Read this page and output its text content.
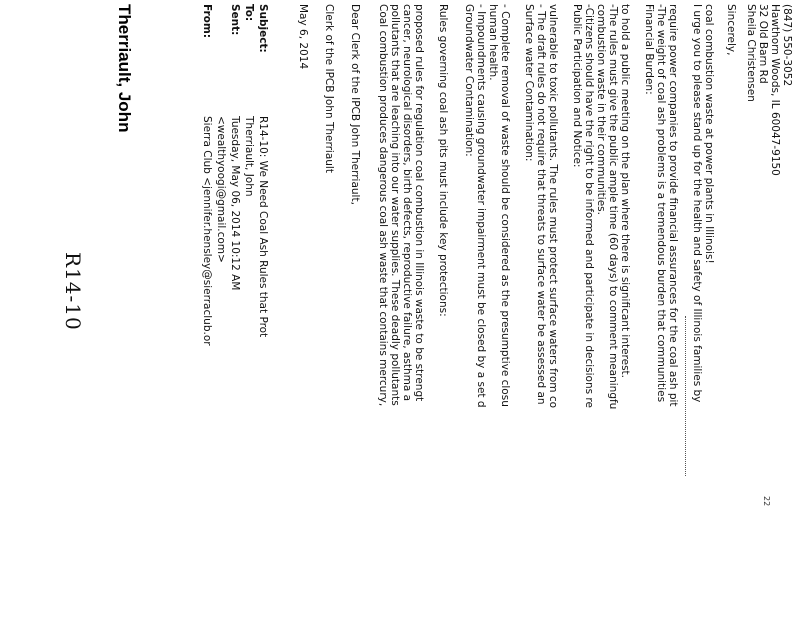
R14-10
Therriault, John	From:
Sierra Club <jennifer.hensley@sierraclub.or <wealthyoogi@gmail.com>
Sent:
Tuesday, May 06, 2014 10:12 AM
To:
Therriault, John
Subject:
R14-10: We Need Coal Ash Rules that Prot
May 6, 2014 Clerk of the IPCB John Therriault Dear Clerk of the IPCB John Therriault, Coal combustion produces dangerous coal ash waste that contains mercury, pollutants that are leaching into our water supplies. These deadly pollutants cancer, neurological disorders, birth defects, reproductive failure, asthma a proposed rules for regulation coal combustion in Illinois waste to be strengt Rules governing coal ash pits must include key protections: Groundwater Contamination: - Impoundments causing groundwater impairment must be closed by a set d human health. - Complete removal of waste should be considered as the presumptive closu Surface water Contamination: - The draft rules do not require that threats to surface water be assessed an vulnerable to toxic pollutants. The rules must protect surface waters from co Public Participation and Notice: -Citizens should have the right to be informed and participate in decisions re combustion waste in their communities. -The rules must give the public ample time (60 days) to comment meaningfu to hold a public meeting on the plan where there is significant interest. Financial Burden: -The weight of coal ash problems is a tremendous burden that communities require power companies to provide financial assurances for the coal ash pit I urge you to please stand up for the health and safety of Illinois families by coal combustion waste at power plants in Illinois! Sincerely, Sheila Christensen 32 Old Barn Rd Hawthorn Woods, IL 60047-9150 (847) 550-3052
22
